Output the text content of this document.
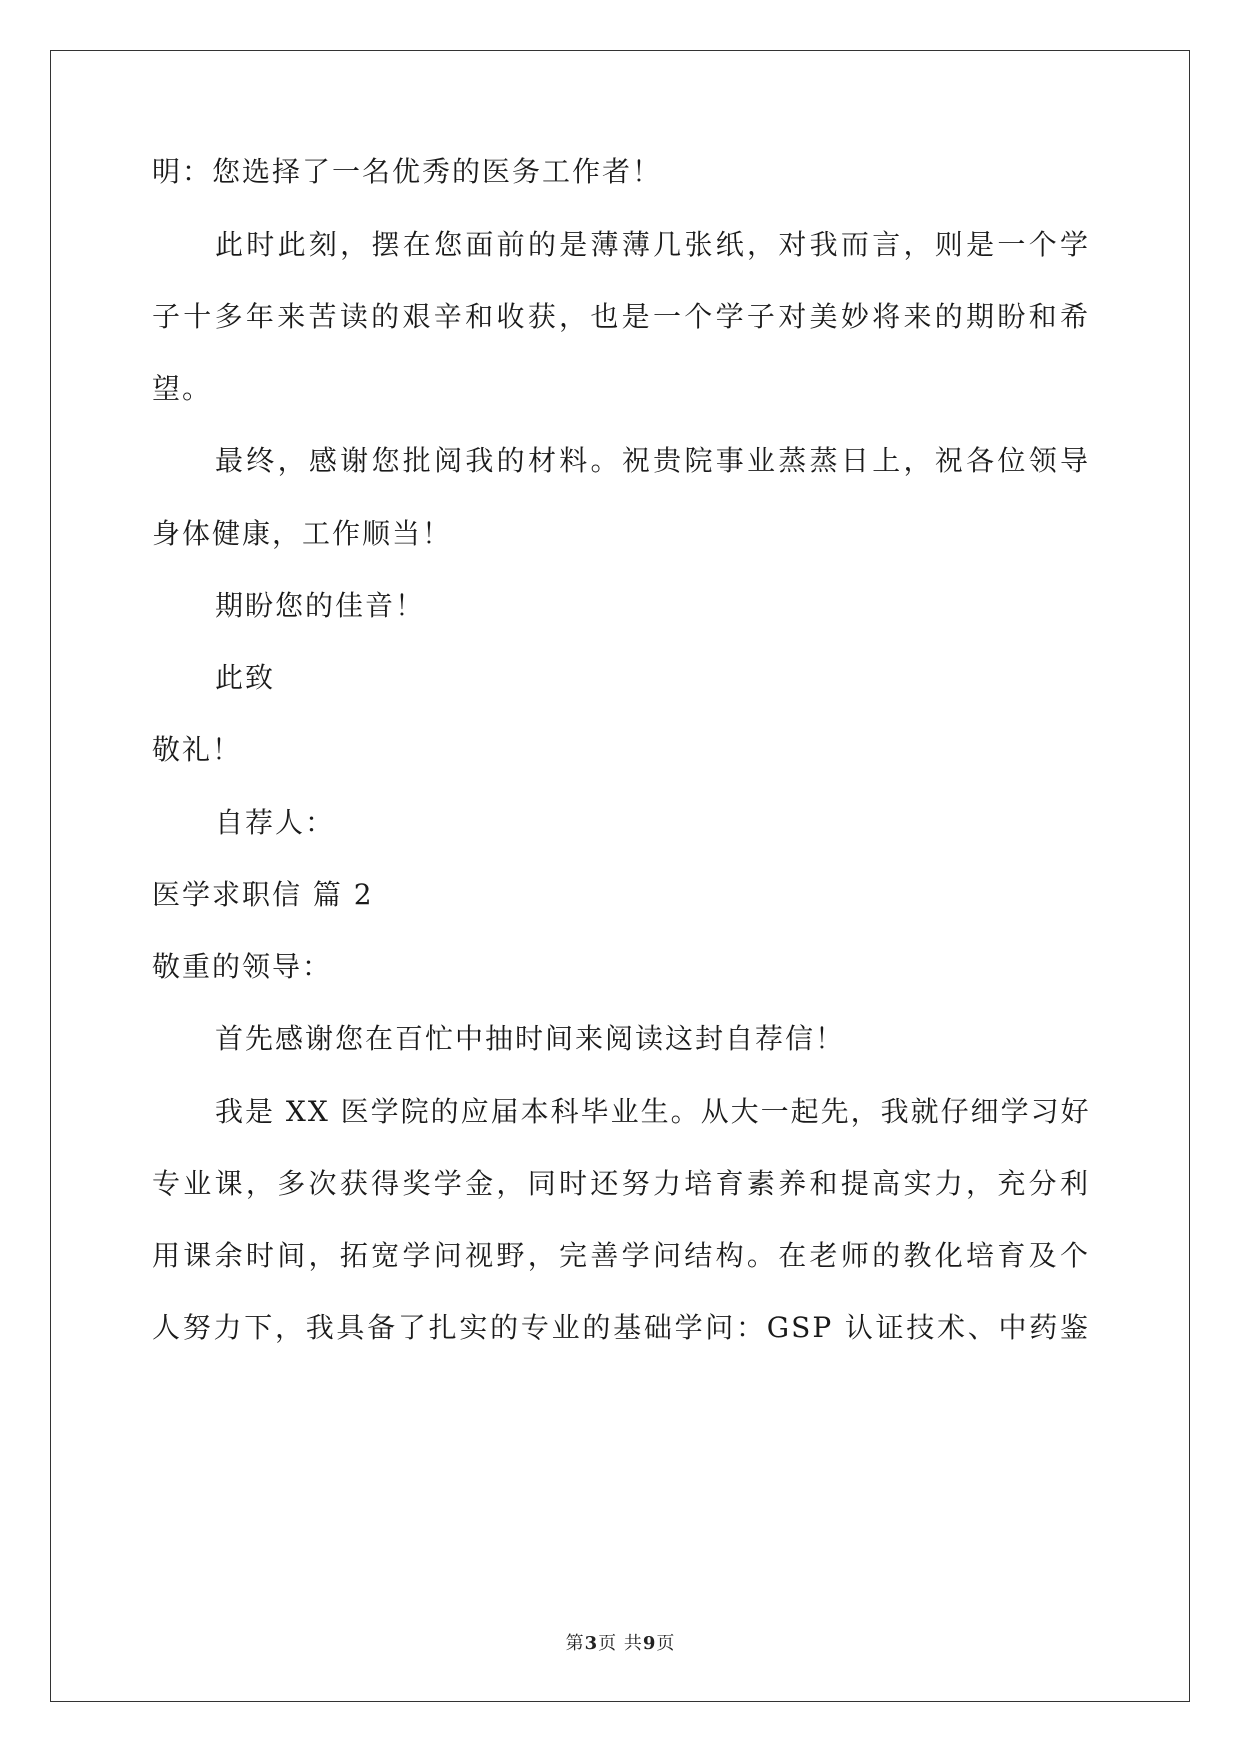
明：您选择了一名优秀的医务工作者！
此时此刻，摆在您面前的是薄薄几张纸，对我而言，则是一个学
子十多年来苦读的艰辛和收获，也是一个学子对美妙将来的期盼和希
望。
最终，感谢您批阅我的材料。祝贵院事业蒸蒸日上，祝各位领导
身体健康，工作顺当！
期盼您的佳音！
此致
敬礼！
自荐人：
医学求职信 篇 2
敬重的领导：
首先感谢您在百忙中抽时间来阅读这封自荐信！
我是 XX 医学院的应届本科毕业生。从大一起先，我就仔细学习好
专业课，多次获得奖学金，同时还努力培育素养和提高实力，充分利
用课余时间，拓宽学问视野，完善学问结构。在老师的教化培育及个
人努力下，我具备了扎实的专业的基础学问：GSP 认证技术、中药鉴
第3页 共9页
